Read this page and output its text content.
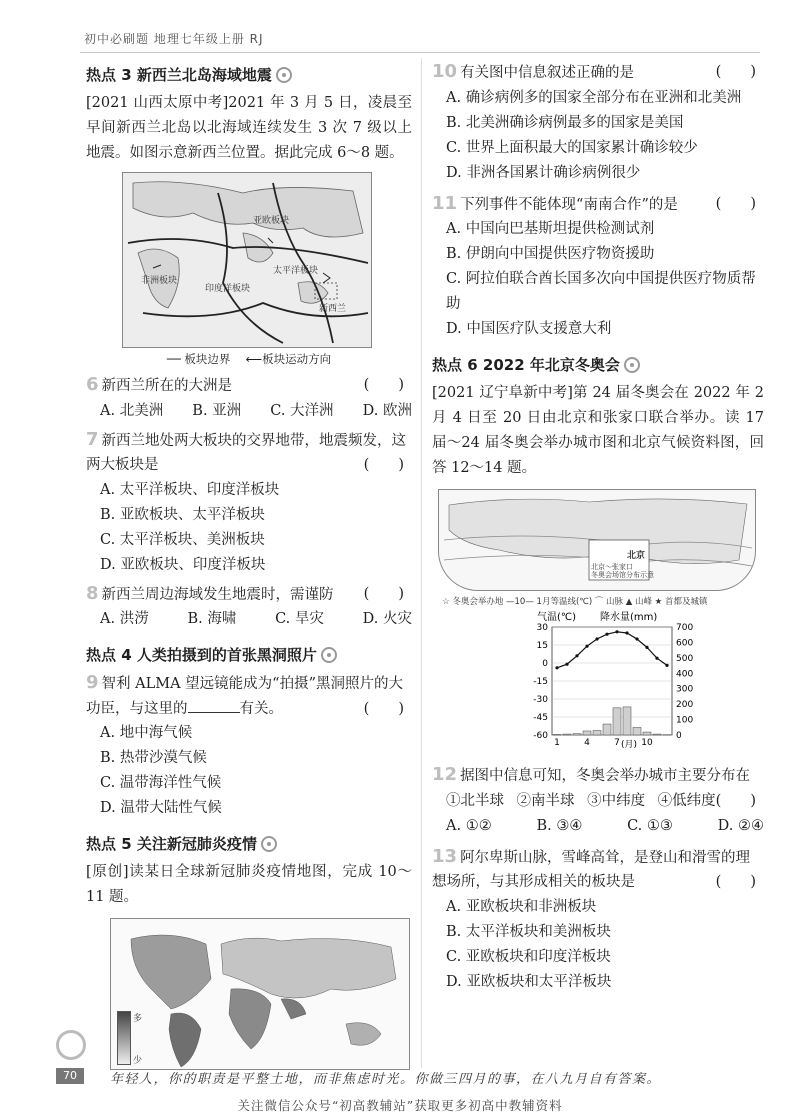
初中必刷题 地理七年级上册 RJ
热点 3 新西兰北岛海域地震
[2021 山西太原中考]2021 年 3 月 5 日，凌晨至早间新西兰北岛以北海域连续发生 3 次 7 级以上地震。如图示意新西兰位置。据此完成 6～8 题。
亚欧板块
非洲板块
印度洋板块
太平洋板块
新西兰
── 板块边界 　⟵板块运动方向
6 新西兰所在的大洲是	(　　)
A. 北美洲 B. 亚洲 C. 大洋洲 D. 欧洲
7 新西兰地处两大板块的交界地带，地震频发，这两大板块是	(　　)
A. 太平洋板块、印度洋板块
B. 亚欧板块、太平洋板块
C. 太平洋板块、美洲板块
D. 亚欧板块、印度洋板块
8 新西兰周边海域发生地震时，需谨防 (　　)
A. 洪涝	B. 海啸	C. 旱灾	D. 火灾
热点 4 人类拍摄到的首张黑洞照片
9 智利 ALMA 望远镜能成为“拍摄”黑洞照片的大功臣，与这里的	有关。	(　　)
A. 地中海气候
B. 热带沙漠气候
C. 温带海洋性气候
D. 温带大陆性气候
热点 5 关注新冠肺炎疫情
[原创]读某日全球新冠肺炎疫情地图，完成 10～11 题。
多
少
10 有关图中信息叙述正确的是	(　　)
A. 确诊病例多的国家全部分布在亚洲和北美洲
B. 北美洲确诊病例最多的国家是美国
C. 世界上面积最大的国家累计确诊较少
D. 非洲各国累计确诊病例很少
11 下列事件不能体现“南南合作”的是	(　　)
A. 中国向巴基斯坦提供检测试剂
B. 伊朗向中国提供医疗物资援助
C. 阿拉伯联合酋长国多次向中国提供医疗物质帮助
D. 中国医疗队支援意大利
热点 6 2022 年北京冬奥会
[2021 辽宁阜新中考]第 24 届冬奥会在 2022 年 2 月 4 日至 20 日由北京和张家口联合举办。读 17 届～24 届冬奥会举办城市图和北京气候资料图，回答 12～14 题。
北京
北京～张家口
冬奥会场馆分布示意
☆ 冬奥会举办地 —10— 1月等温线(℃) ⌒ 山脉 ▲ 山峰 ★ 首都及城镇
气温(℃) 降水量(mm)
(月)
30
15
0
-15
-30
-45
-60
700
600
500
400
300
200
100
0
1	4	7 10
12 据图中信息可知，冬奥会举办城市主要分布在
(　　)
①北半球 ②南半球 ③中纬度 ④低纬度
A. ①②	B. ③④	C. ①③	D. ②④
13 阿尔卑斯山脉，雪峰高耸，是登山和滑雪的理想场所，与其形成相关的板块是	(　　)
A. 亚欧板块和非洲板块
B. 太平洋板块和美洲板块
C. 亚欧板块和印度洋板块
D. 亚欧板块和太平洋板块
70	年轻人，你的职责是平整土地，而非焦虑时光。你做三四月的事，在八九月自有答案。
关注微信公众号“初高教辅站”获取更多初高中教辅资料
